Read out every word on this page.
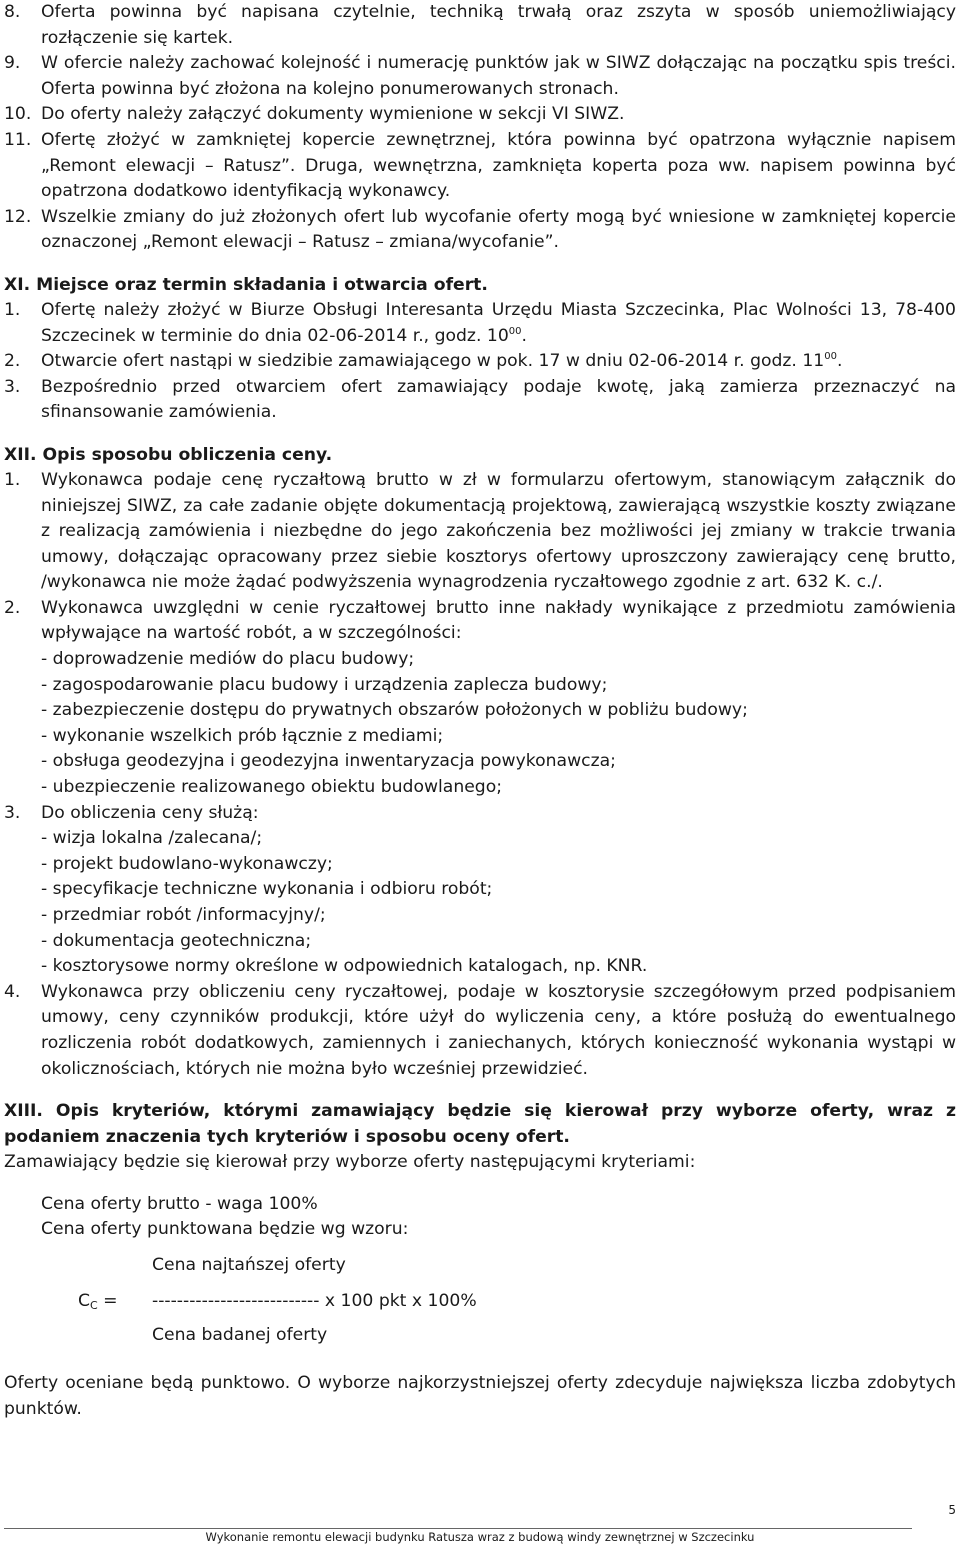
8.	Oferta powinna być napisana czytelnie, techniką trwałą oraz zszyta w sposób uniemożliwiający rozłączenie się kartek.
9.	W ofercie należy zachować kolejność i numerację punktów jak w SIWZ dołączając na początku spis treści. Oferta powinna być złożona na kolejno ponumerowanych stronach.
10. Do oferty należy załączyć dokumenty wymienione w sekcji VI SIWZ.
11. Ofertę złożyć w zamkniętej kopercie zewnętrznej, która powinna być opatrzona wyłącznie napisem „Remont elewacji – Ratusz”. Druga, wewnętrzna, zamknięta koperta poza ww. napisem powinna być opatrzona dodatkowo identyfikacją wykonawcy.
12. Wszelkie zmiany do już złożonych ofert lub wycofanie oferty mogą być wniesione w zamkniętej kopercie oznaczonej „Remont elewacji – Ratusz – zmiana/wycofanie”.
XI. Miejsce oraz termin składania i otwarcia ofert.
1.	Ofertę należy złożyć w Biurze Obsługi Interesanta Urzędu Miasta Szczecinka, Plac Wolności 13, 78-400 Szczecinek w terminie do dnia 02-06-2014 r., godz. $10^{00}$.
2.	Otwarcie ofert nastąpi w siedzibie zamawiającego w pok. 17 w dniu 02-06-2014 r. godz. $11^{00}$.
3.	Bezpośrednio przed otwarciem ofert zamawiający podaje kwotę, jaką zamierza przeznaczyć na sfinansowanie zamówienia.
XII. Opis sposobu obliczenia ceny.
1.	Wykonawca podaje cenę ryczałtową brutto w zł w formularzu ofertowym, stanowiącym załącznik do niniejszej SIWZ, za całe zadanie objęte dokumentacją projektową, zawierającą wszystkie koszty związane z realizacją zamówienia i niezbędne do jego zakończenia bez możliwości jej zmiany w trakcie trwania umowy, dołączając opracowany przez siebie kosztorys ofertowy uproszczony zawierający cenę brutto, /wykonawca nie może żądać podwyższenia wynagrodzenia ryczałtowego zgodnie z art. 632 K. c./.
2.	Wykonawca uwzględni w cenie ryczałtowej brutto inne nakłady wynikające z przedmiotu zamówienia wpływające na wartość robót, a w szczególności:
- doprowadzenie mediów do placu budowy;
- zagospodarowanie placu budowy i urządzenia zaplecza budowy;
- zabezpieczenie dostępu do prywatnych obszarów położonych w pobliżu budowy;
- wykonanie wszelkich prób łącznie z mediami;
- obsługa geodezyjna i geodezyjna inwentaryzacja powykonawcza;
- ubezpieczenie realizowanego obiektu budowlanego;
3.	Do obliczenia ceny służą:
- wizja lokalna /zalecana/;
- projekt budowlano-wykonawczy;
- specyfikacje techniczne wykonania i odbioru robót;
- przedmiar robót /informacyjny/;
- dokumentacja geotechniczna;
- kosztorysowe normy określone w odpowiednich katalogach, np. KNR.
4.	Wykonawca przy obliczeniu ceny ryczałtowej, podaje w kosztorysie szczegółowym przed podpisaniem umowy, ceny czynników produkcji, które użył do wyliczenia ceny, a które posłużą do ewentualnego rozliczenia robót dodatkowych, zamiennych i zaniechanych, których konieczność wykonania wystąpi w okolicznościach, których nie można było wcześniej przewidzieć.
XIII. Opis kryteriów, którymi zamawiający będzie się kierował przy wyborze oferty, wraz z podaniem znaczenia tych kryteriów i sposobu oceny ofert.
Zamawiający będzie się kierował przy wyborze oferty następującymi kryteriami:
Cena oferty brutto - waga 100%
Cena oferty punktowana będzie wg wzoru:
Cena najtańszej oferty
$C_C$ = --------------------------- x 100 pkt x 100%
Cena badanej oferty
Oferty oceniane będą punktowo. O wyborze najkorzystniejszej oferty zdecyduje największa liczba zdobytych punktów.
5
Wykonanie remontu elewacji budynku Ratusza wraz z budową windy zewnętrznej w Szczecinku
